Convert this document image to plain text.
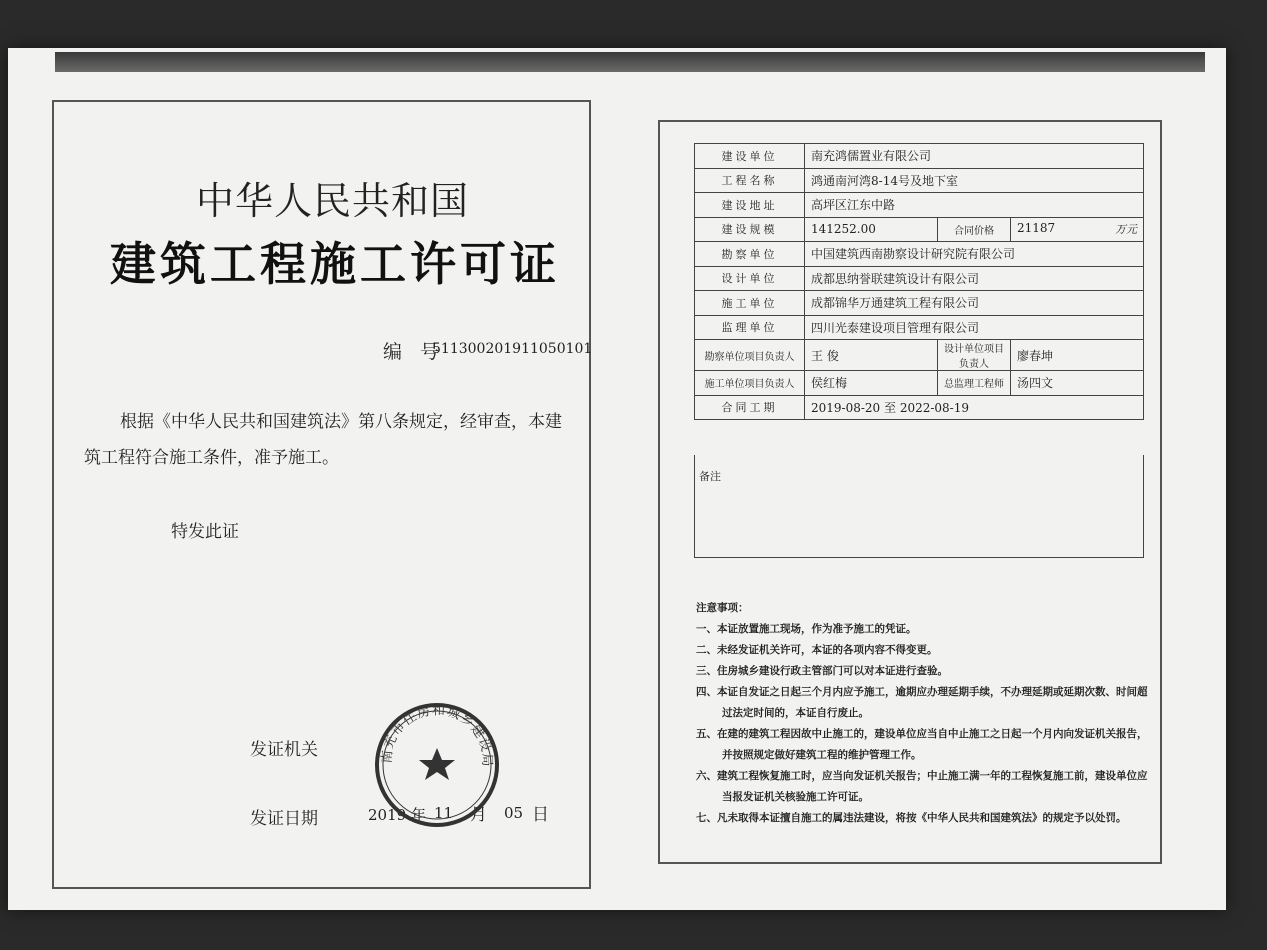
中华人民共和国
建筑工程施工许可证
编 号
511300201911050101
根据《中华人民共和国建筑法》第八条规定，经审查，本建筑工程符合施工条件，准予施工。
特发此证
发证机关
发证日期	2019 年 11 月 05 日
南充市住房和城乡建设局
建设单位	南充鸿儒置业有限公司		
工程名称	鸿通南河湾8-14号及地下室		
建设地址	高坪区江东中路		
建设规模	141252.00	合同价格	21187 万元

勘察单位	中国建筑西南勘察设计研究院有限公司		
设计单位	成都思纳誉联建筑设计有限公司		
施工单位	成都锦华万通建筑工程有限公司		
监理单位	四川光泰建设项目管理有限公司		
勘察单位项目负责人	王 俊	设计单位项目负责人	廖春坤
施工单位项目负责人	侯红梅	总监理工程师	汤四文
合同工期	2019-08-20 至 2022-08-19		
备注
注意事项：
一、本证放置施工现场，作为准予施工的凭证。
二、未经发证机关许可，本证的各项内容不得变更。
三、住房城乡建设行政主管部门可以对本证进行查验。
四、本证自发证之日起三个月内应予施工，逾期应办理延期手续，不办理延期或延期次数、时间超过法定时间的，本证自行废止。
五、在建的建筑工程因故中止施工的，建设单位应当自中止施工之日起一个月内向发证机关报告，并按照规定做好建筑工程的维护管理工作。
六、建筑工程恢复施工时，应当向发证机关报告；中止施工满一年的工程恢复施工前，建设单位应当报发证机关核验施工许可证。
七、凡未取得本证擅自施工的属违法建设，将按《中华人民共和国建筑法》的规定予以处罚。
